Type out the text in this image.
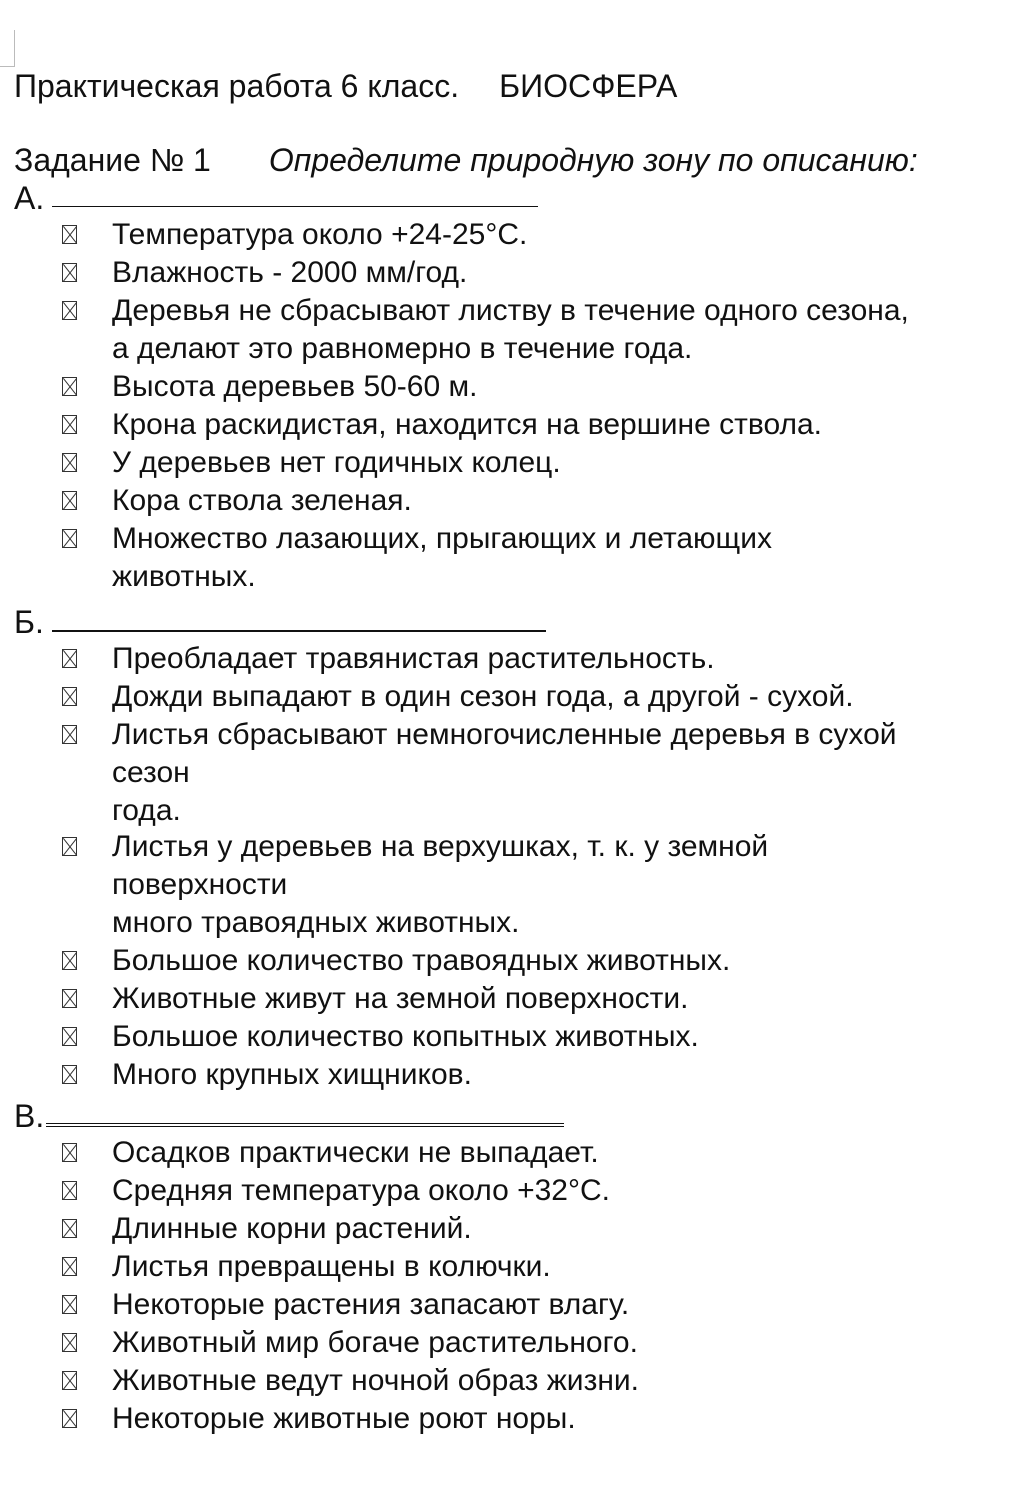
Практическая работа 6 класс. БИОСФЕРА
Задание № 1 Определите природную зону по описанию:
А.
Температура около +24-25°С.
Влажность - 2000 мм/год.
Деревья не сбрасывают листву в течение одного сезона,
а делают это равномерно в течение года.
Высота деревьев 50-60 м.
Крона раскидистая, находится на вершине ствола.
У деревьев нет годичных колец.
Кора ствола зеленая.
Множество лазающих, прыгающих и летающих
животных.
Б.
Преобладает травянистая растительность.
Дожди выпадают в один сезон года, а другой - сухой.
Листья сбрасывают немногочисленные деревья в сухой
сезон
года.
Листья у деревьев на верхушках, т. к. у земной
поверхности
много травоядных животных.
Большое количество травоядных животных.
Животные живут на земной поверхности.
Большое количество копытных животных.
Много крупных хищников.
В.
Осадков практически не выпадает.
Средняя температура около +32°С.
Длинные корни растений.
Листья превращены в колючки.
Некоторые растения запасают влагу.
Животный мир богаче растительного.
Животные ведут ночной образ жизни.
Некоторые животные роют норы.
